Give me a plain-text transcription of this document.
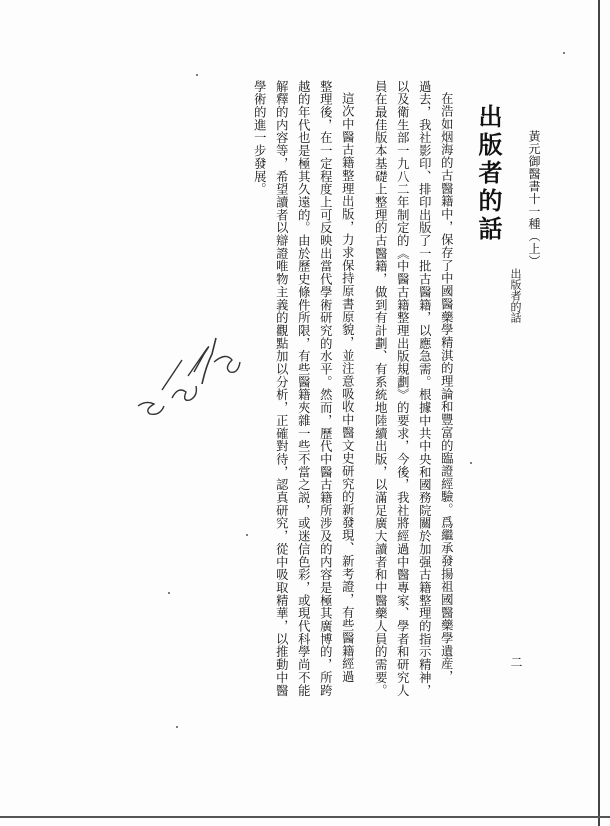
黃元御醫書十一種（上）
出版者的話
二
出版者的話
在浩如烟海的古醫籍中，保存了中國醫藥學精淇的理論和豐富的臨證經驗。爲繼承發揚祖國醫藥學遺産，
過去，我社影印、排印出版了一批古醫籍，以應急需。根據中共中央和國務院關於加强古籍整理的指示精神，
以及衛生部一九八二年制定的《中醫古籍整理出版規劃》的要求，今後，我社將經過中醫專家、學者和研究人
員在最佳版本基礎上整理的古醫籍，做到有計劃、有系統地陸續出版，以滿足廣大讀者和中醫藥人員的需要。
這次中醫古籍整理出版，力求保持原書原貌，並注意吸收中醫文史研究的新發現、新考證，有些醫籍經過
整理後，在一定程度上可反映出當代學術研究的水平。然而，歷代中醫古籍所涉及的内容是極其廣博的，所跨
越的年代也是極其久遠的。由於歷史條件所限，有些醫籍夾雜一些不當之説，或迷信色彩，或現代科學尚不能
解釋的内容等，希望讀者以辯證唯物主義的觀點加以分析，正確對待，認真研究，從中吸取精華，以推動中醫
學術的進一步發展。
